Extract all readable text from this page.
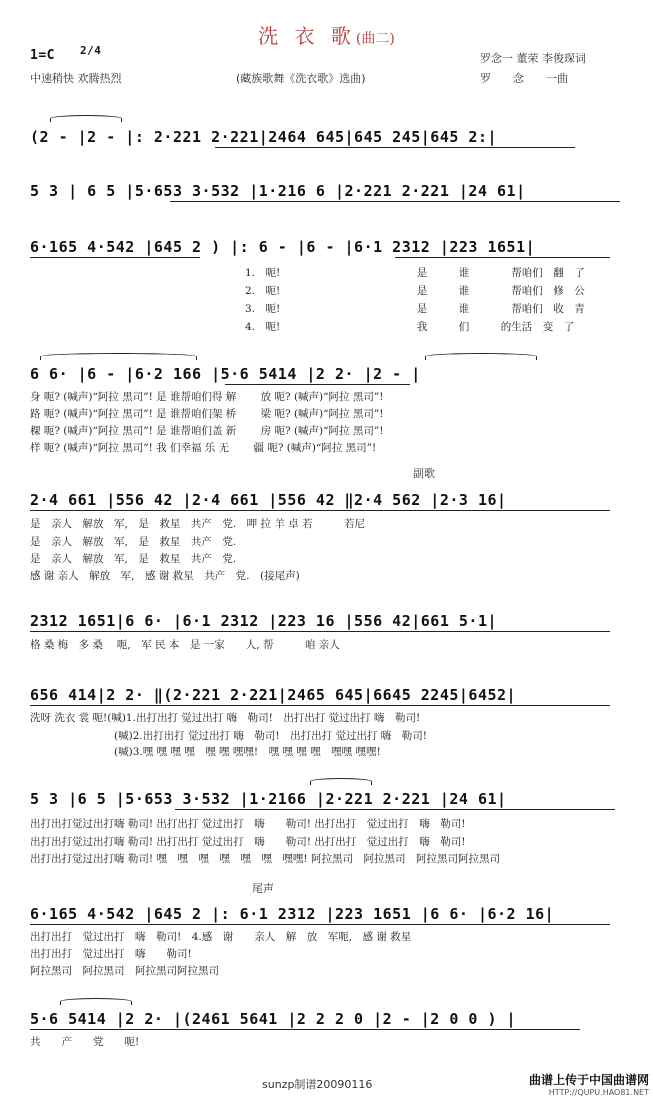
洗 衣 歌(曲二)
1=C 2/4
中速稍快 欢腾热烈	(藏族歌舞《洗衣歌》选曲)
罗念一 董荣 李俊琛词
罗　　念　　一曲
(2 - |2 - |: 2·221 2·221|2464 645|645 245|645 2:|
5 3 | 6 5 |5·653 3·532 |1·216 6 |2·221 2·221 |24 61|
6·165 4·542 |645 2 ) |: 6 - |6 - |6·1 2312 |223 1651|
1.　呃!　　　　　　　　　　　　　是　　　谁　　　　帮咱们　翻　了
2.　呃!　　　　　　　　　　　　　是　　　谁　　　　帮咱们　修　公
3.　呃!　　　　　　　　　　　　　是　　　谁　　　　帮咱们　收　青
4.　呃!　　　　　　　　　　　　　我　　　们　　　的生活　变　了
6 6· |6 - |6·2 166 |5·6 5414 |2 2· |2 - |
身 呃? (喊声)“阿拉 黑司”! 是 谁帮咱们得 解　　 放 呃? (喊声)“阿拉 黑司”!
路 呃? (喊声)“阿拉 黑司”! 是 谁帮咱们架 桥　　 梁 呃? (喊声)“阿拉 黑司”!
稞 呃? (喊声)“阿拉 黑司”! 是 谁帮咱们盖 新　　 房 呃? (喊声)“阿拉 黑司”!
样 呃? (喊声)“阿拉 黑司”! 我 们幸福 乐 无　　 疆 呃? (喊声)“阿拉 黑司”!
副歌
2·4 661 |556 42 |2·4 661 |556 42 ‖2·4 562 |2·3 16|
是　亲人　解放　军,　是　救星　共产　党.　呷 拉 羊 卓 若　　　若尼
是　亲人　解放　军,　是　救星　共产　党.
是　亲人　解放　军,　是　救星　共产　党.
感 谢 亲人　解放　军,　感 谢 救星　共产　党.　(接尾声)
2312 1651|6 6· |6·1 2312 |223 16 |556 42|661 5·1|
格 桑 梅　多 桑 　呃,　军 民 本　是 一家　　人, 帮　　　咱 亲人
656 414|2 2· ‖(2·221 2·221|2465 645|6645 2245|6452|
洗呀 洗衣 裳 呃!(喊)1.出打出打 觉过出打 嗨　勒司!　出打出打 觉过出打 嗨　勒司!
　　　　　　　　(喊)2.出打出打 觉过出打 嗨　勒司!　出打出打 觉过出打 嗨　勒司!
　　　　　　　　(喊)3.嘿 嘿 嘿 嘿　嘿 嘿 嘿嘿!　嘿 嘿 嘿 嘿　嘿嘿 嘿嘿!
5 3 |6 5 |5·653 3·532 |1·2166 |2·221 2·221 |24 61|
出打出打觉过出打嗨 勒司! 出打出打 觉过出打　嗨　　勒司! 出打出打　觉过出打　嗨　勒司!
出打出打觉过出打嗨 勒司! 出打出打 觉过出打　嗨　　勒司! 出打出打　觉过出打　嗨　勒司!
出打出打觉过出打嗨 勒司! 嘿　嘿　嘿　嘿　嘿　嘿　嘿嘿! 阿拉黑司　阿拉黑司　阿拉黑司阿拉黑司
尾声
6·165 4·542 |645 2 |: 6·1 2312 |223 1651 |6 6· |6·2 16|
出打出打　觉过出打　嗨　勒司!　4.感　谢　　亲人　解　放　军呃,　感 谢 救星
出打出打　觉过出打　嗨　　勒司!
阿拉黑司　阿拉黑司　阿拉黑司阿拉黑司
5·6 5414 |2 2· |(2461 5641 |2 2 2 0 |2 - |2 0 0 ) |
共　　产　　党　　呃!
sunzp制谱20090116	曲谱上传于中国曲谱网
HTTP://QUPU.HAO81.NET
